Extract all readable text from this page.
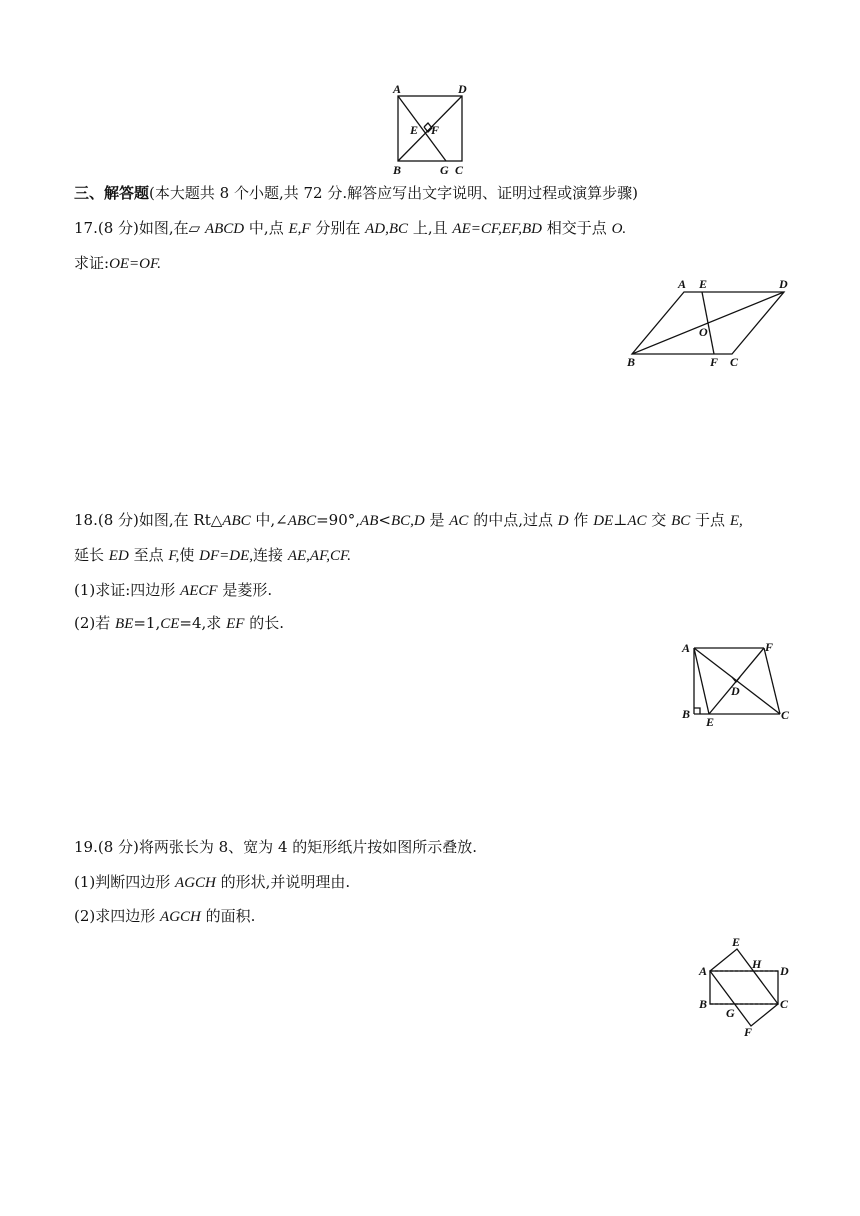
A	D
E F
B	G C
三、解答题(本大题共 8 个小题,共 72 分.解答应写出文字说明、证明过程或演算步骤)
17.(8 分)如图,在▱ ABCD 中,点 E,F 分别在 AD,BC 上,且 AE=CF,EF,BD 相交于点 O.
求证:OE=OF.
A E	D
O
B	F C
18.(8 分)如图,在 Rt△ABC 中,∠ABC=90°,AB<BC,D 是 AC 的中点,过点 D 作 DE⊥AC 交 BC 于点 E,
延长 ED 至点 F,使 DF=DE,连接 AE,AF,CF.
(1)求证:四边形 AECF 是菱形.
(2)若 BE=1,CE=4,求 EF 的长.
A	F
D
B
E	C
19.(8 分)将两张长为 8、宽为 4 的矩形纸片按如图所示叠放.
(1)判断四边形 AGCH 的形状,并说明理由.
(2)求四边形 AGCH 的面积.
E
A	H D
B	C
G
F
